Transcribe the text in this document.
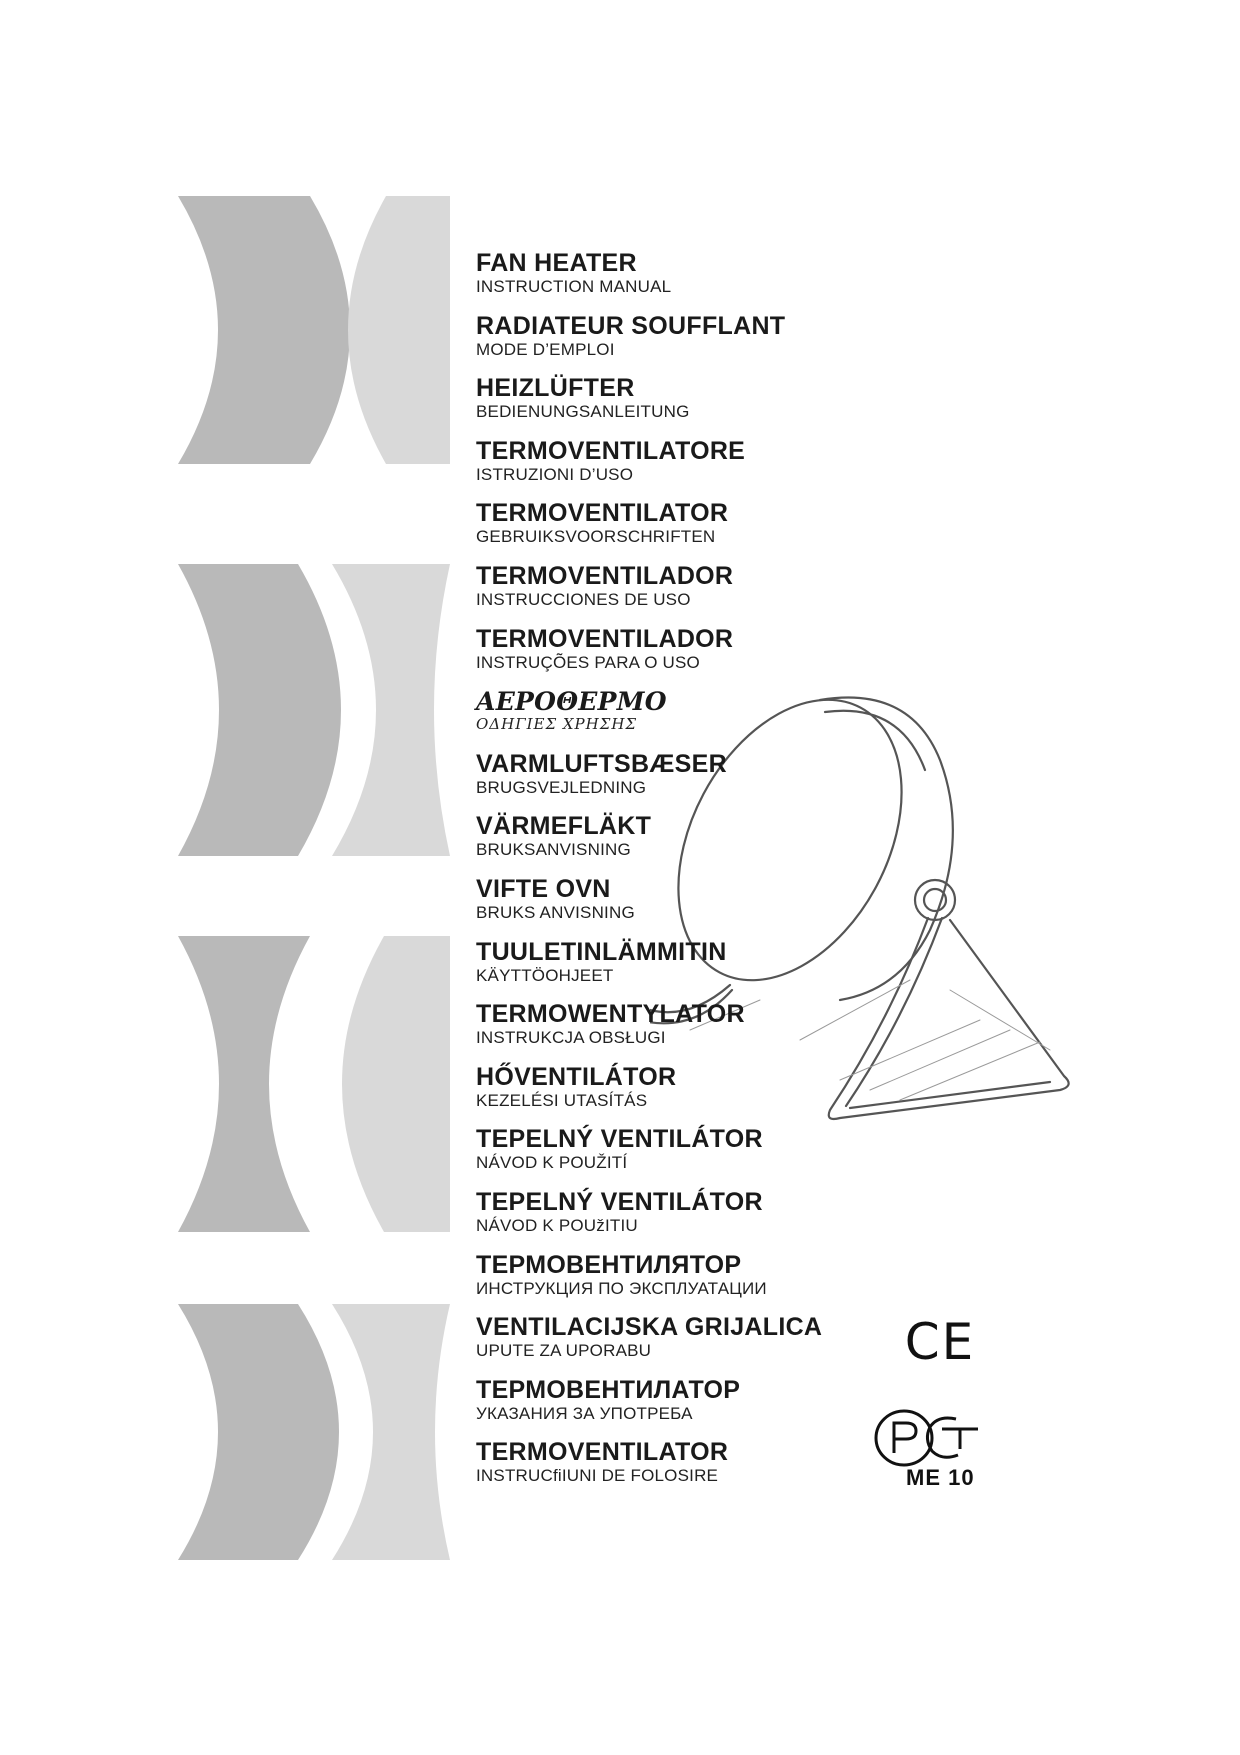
FAN HEATER
INSTRUCTION MANUAL
RADIATEUR SOUFFLANT
MODE D’EMPLOI
HEIZLÜFTER
BEDIENUNGSANLEITUNG
TERMOVENTILATORE
ISTRUZIONI D’USO
TERMOVENTILATOR
GEBRUIKSVOORSCHRIFTEN
TERMOVENTILADOR
INSTRUCCIONES DE USO
TERMOVENTILADOR
INSTRUÇÕES PARA O USO
ΑΕΡΟΘΕΡΜΟ
ΟΔΗΓΙΕΣ ΧΡΗΣΗΣ
VARMLUFTSBÆSER
BRUGSVEJLEDNING
VÄRMEFLÄKT
BRUKSANVISNING
VIFTE OVN
BRUKS ANVISNING
TUULETINLÄMMITIN
KÄYTTÖOHJEET
TERMOWENTYLATOR
INSTRUKCJA OBSŁUGI
HŐVENTILÁTOR
KEZELÉSI UTASÍTÁS
TEPELNÝ VENTILÁTOR
NÁVOD K POUŽITÍ
TEPELNÝ VENTILÁTOR
NÁVOD K POUžITIU
ТЕРМОВЕНТИЛЯТОР
ИНСТРУКЦИЯ ПО ЭКСПЛУАТАЦИИ
VENTILACIJSKA GRIJALICA
UPUTE ZA UPORABU
ТЕРМОВЕНТИЛАТОР
УКАЗАНИЯ ЗА УПОТРЕБА
TERMOVENTILATOR
INSTRUCfiIUNI DE FOLOSIRE
CE
ME 10
